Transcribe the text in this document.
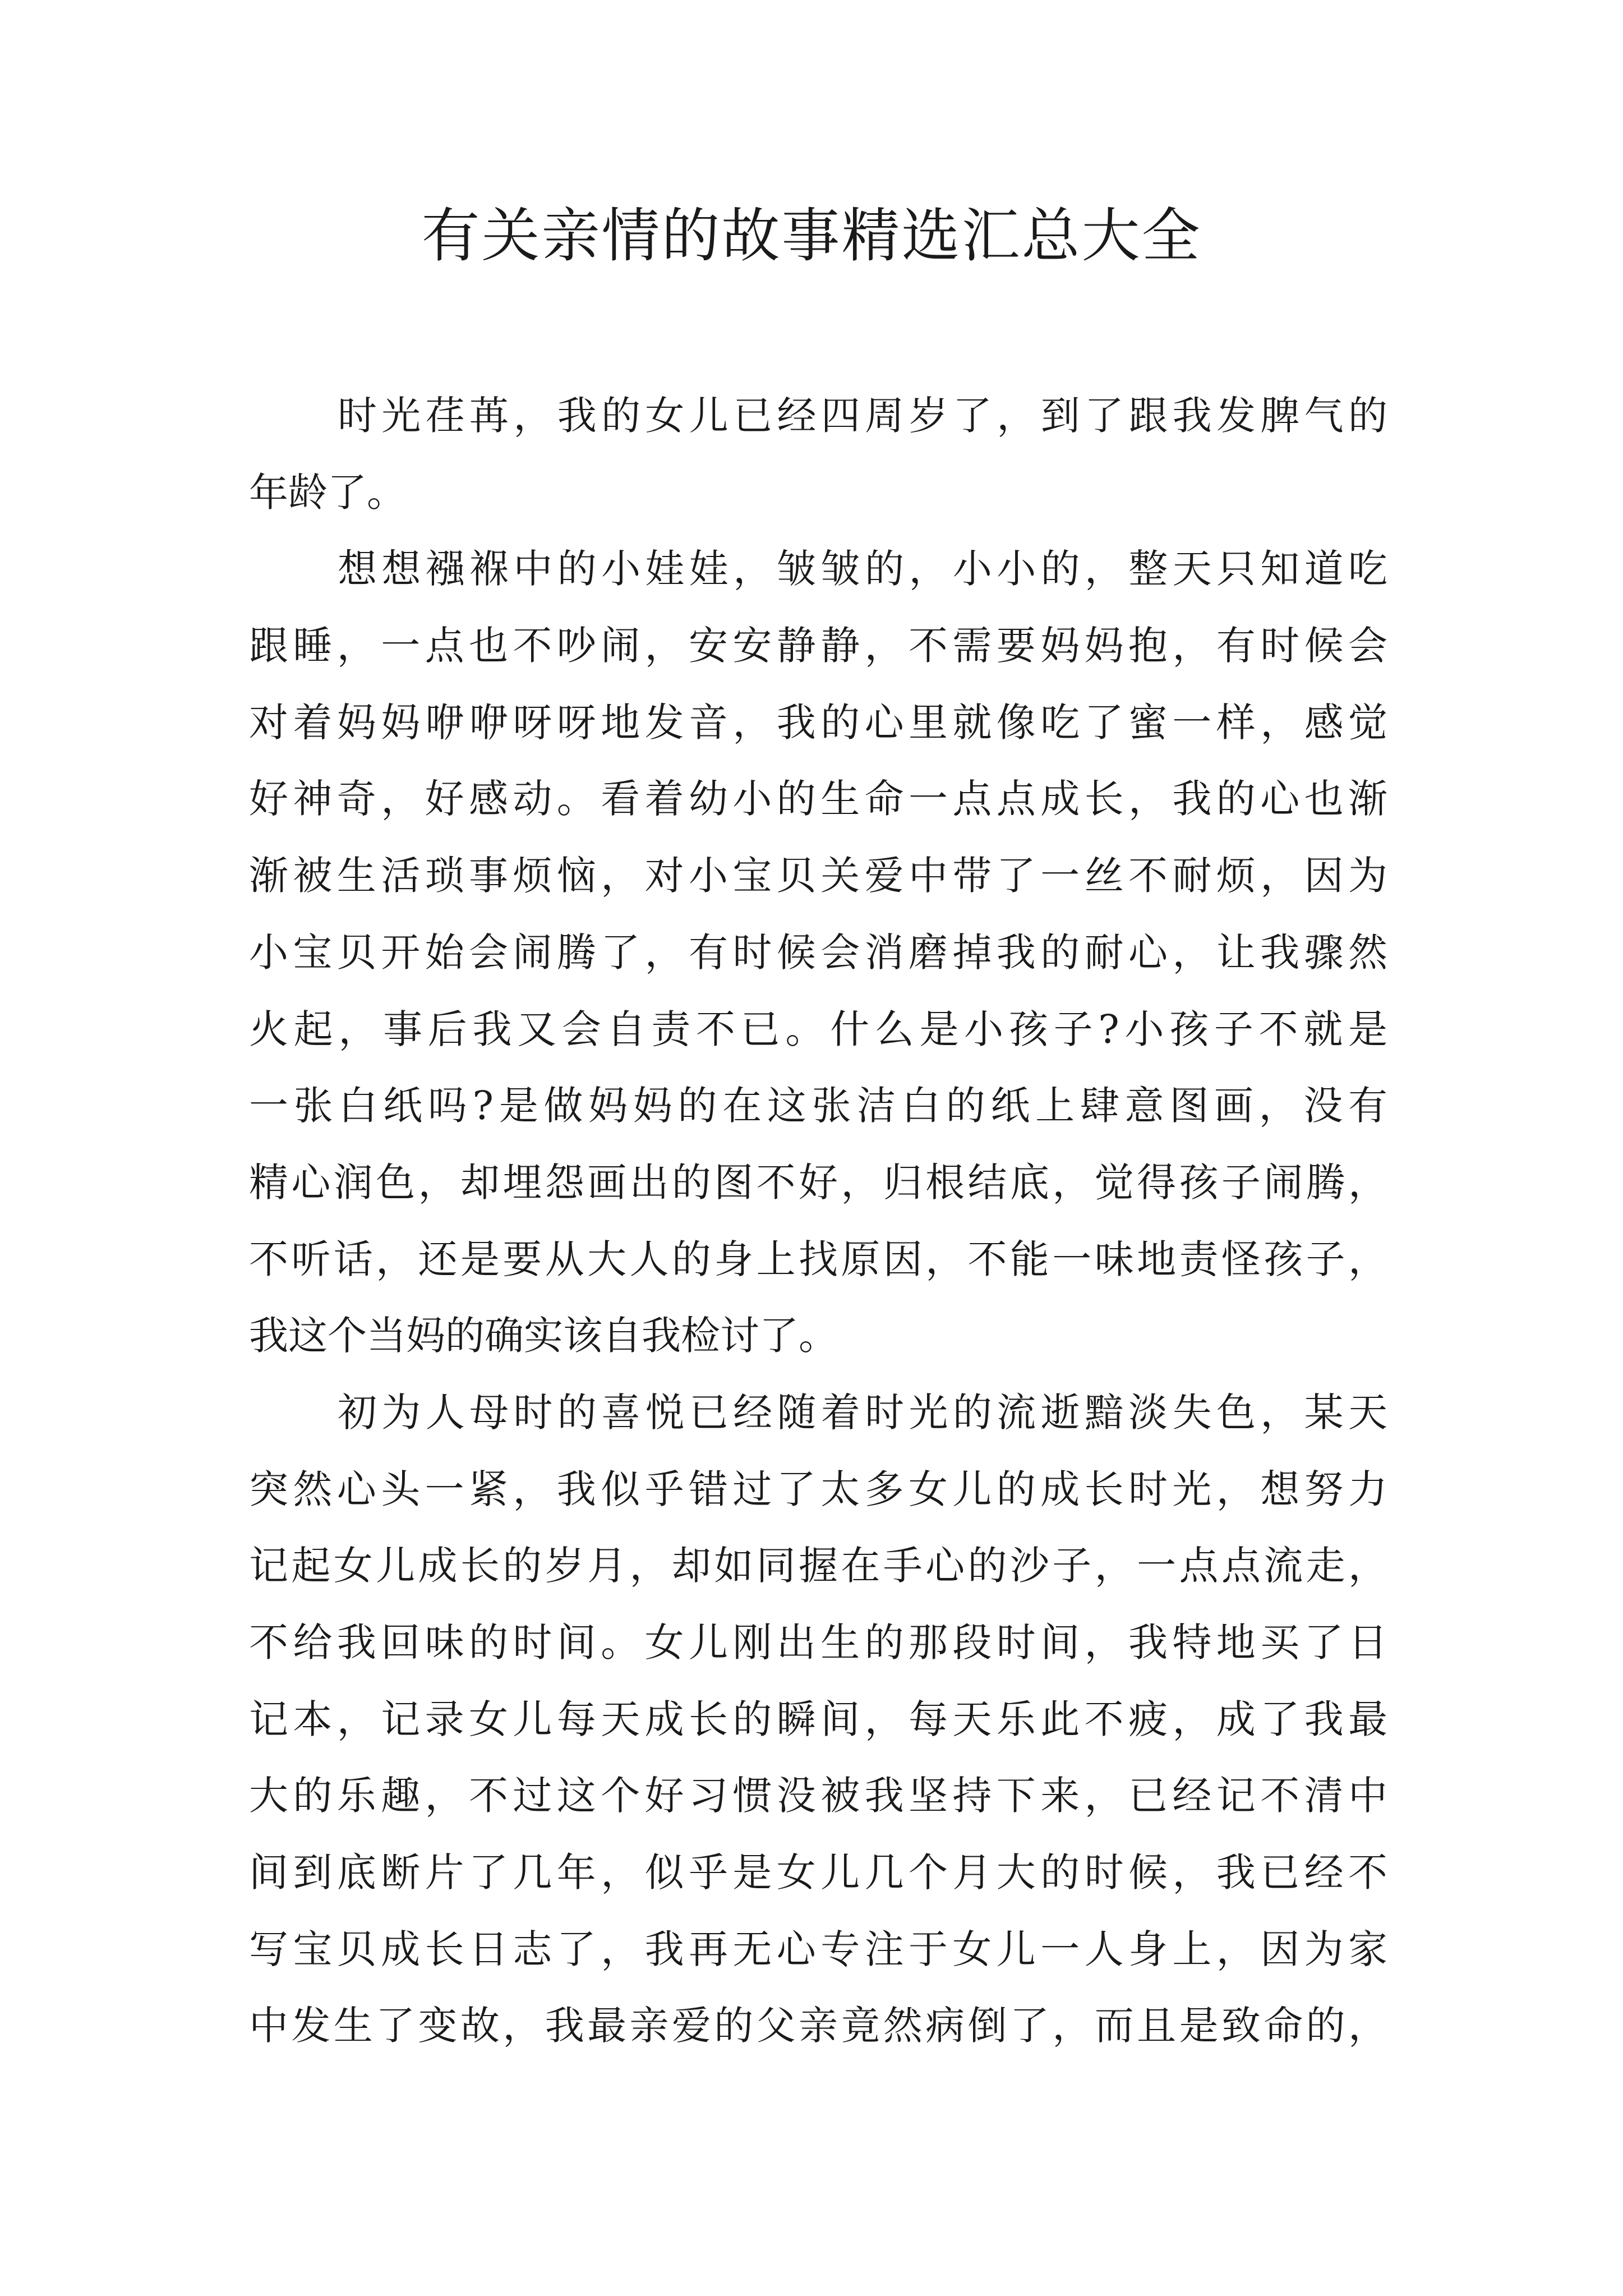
有关亲情的故事精选汇总大全
时光荏苒，我的女儿已经四周岁了，到了跟我发脾气的
年龄了。
想想襁褓中的小娃娃，皱皱的，小小的，整天只知道吃
跟睡，一点也不吵闹，安安静静，不需要妈妈抱，有时候会
对着妈妈咿咿呀呀地发音，我的心里就像吃了蜜一样，感觉
好神奇，好感动。看着幼小的生命一点点成长，我的心也渐
渐被生活琐事烦恼，对小宝贝关爱中带了一丝不耐烦，因为
小宝贝开始会闹腾了，有时候会消磨掉我的耐心，让我骤然
火起，事后我又会自责不已。什么是小孩子?小孩子不就是
一张白纸吗?是做妈妈的在这张洁白的纸上肆意图画，没有
精心润色，却埋怨画出的图不好，归根结底，觉得孩子闹腾，
不听话，还是要从大人的身上找原因，不能一味地责怪孩子，
我这个当妈的确实该自我检讨了。
初为人母时的喜悦已经随着时光的流逝黯淡失色，某天
突然心头一紧，我似乎错过了太多女儿的成长时光，想努力
记起女儿成长的岁月，却如同握在手心的沙子，一点点流走，
不给我回味的时间。女儿刚出生的那段时间，我特地买了日
记本，记录女儿每天成长的瞬间，每天乐此不疲，成了我最
大的乐趣，不过这个好习惯没被我坚持下来，已经记不清中
间到底断片了几年，似乎是女儿几个月大的时候，我已经不
写宝贝成长日志了，我再无心专注于女儿一人身上，因为家
中发生了变故，我最亲爱的父亲竟然病倒了，而且是致命的，
